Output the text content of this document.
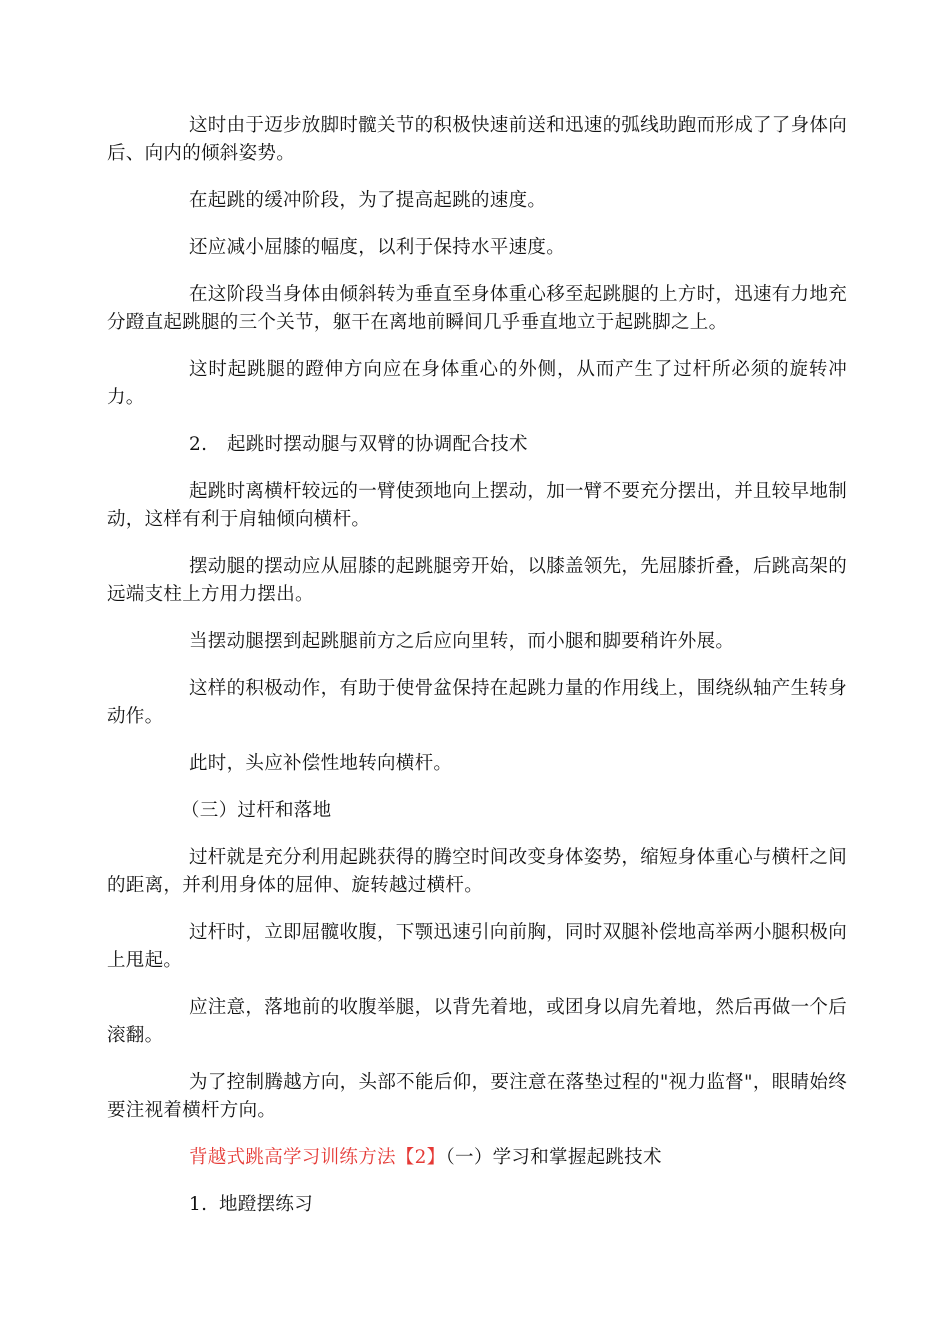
这时由于迈步放脚时髋关节的积极快速前送和迅速的弧线助跑而形成了了身体向后、向内的倾斜姿势。

在起跳的缓冲阶段，为了提高起跳的速度。

还应减小屈膝的幅度，以利于保持水平速度。

在这阶段当身体由倾斜转为垂直至身体重心移至起跳腿的上方时，迅速有力地充分蹬直起跳腿的三个关节，躯干在离地前瞬间几乎垂直地立于起跳脚之上。

这时起跳腿的蹬伸方向应在身体重心的外侧，从而产生了过杆所必须的旋转冲力。

2. 起跳时摆动腿与双臂的协调配合技术

起跳时离横杆较远的一臂使颈地向上摆动，加一臂不要充分摆出，并且较早地制动，这样有利于肩轴倾向横杆。

摆动腿的摆动应从屈膝的起跳腿旁开始，以膝盖领先，先屈膝折叠，后跳高架的远端支柱上方用力摆出。

当摆动腿摆到起跳腿前方之后应向里转，而小腿和脚要稍许外展。

这样的积极动作，有助于使骨盆保持在起跳力量的作用线上，围绕纵轴产生转身动作。

此时，头应补偿性地转向横杆。

（三）过杆和落地

过杆就是充分利用起跳获得的腾空时间改变身体姿势，缩短身体重心与横杆之间的距离，并利用身体的屈伸、旋转越过横杆。

过杆时，立即屈髋收腹，下颚迅速引向前胸，同时双腿补偿地高举两小腿积极向上甩起。

应注意，落地前的收腹举腿，以背先着地，或团身以肩先着地，然后再做一个后滚翻。

为了控制腾越方向，头部不能后仰，要注意在落垫过程的"视力监督"，眼睛始终要注视着横杆方向。

背越式跳高学习训练方法【2】（一）学习和掌握起跳技术

1. 地蹬摆练习
